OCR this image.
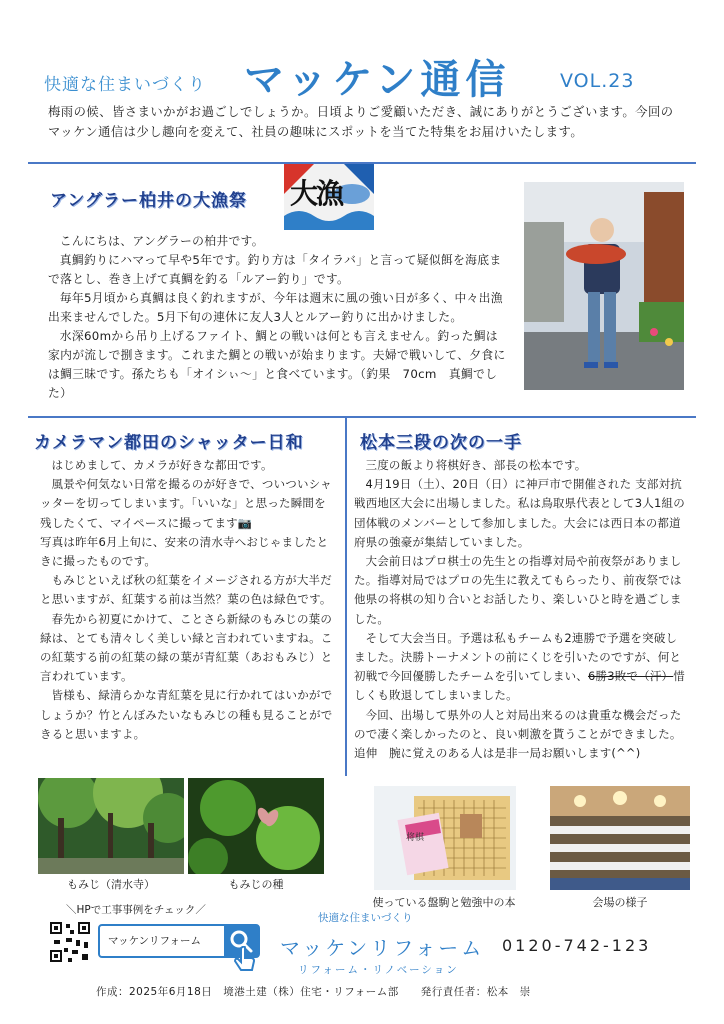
快適な住まいづくり マッケン通信	VOL.23
梅雨の候、皆さまいかがお過ごしでしょうか。日頃よりご愛顧いただき、誠にありがとうございます。今回のマッケン通信は少し趣向を変えて、社員の趣味にスポットを当てた特集をお届けいたします。
アングラー柏井の大漁祭 大漁

こんにちは、アングラーの柏井です。

真鯛釣りにハマって早や5年です。釣り方は「タイラバ」と言って疑似餌を海底まで落とし、巻き上げて真鯛を釣る「ルアー釣り」です。

毎年5月頃から真鯛は良く釣れますが、今年は週末に風の強い日が多く、中々出漁出来ませんでした。5月下旬の連休に友人3人とルアー釣りに出かけました。

水深60mから吊り上げるファイト、鯛との戦いは何とも言えません。釣った鯛は家内が流しで捌きます。これまた鯛との戦いが始まります。夫婦で戦いして、夕食には鯛三昧です。孫たちも「オイシぃ〜」と食べています。（釣果　70cm　真鯛でした）

カメラマン都田のシャッター日和

はじめまして、カメラが好きな都田です。

風景や何気ない日常を撮るのが好きで、ついついシャッターを切ってしまいます。「いいな」と思った瞬間を残したくて、マイペースに撮ってます📷

写真は昨年6月上旬に、安来の清水寺へおじゃましたときに撮ったものです。

もみじといえば秋の紅葉をイメージされる方が大半だと思いますが、紅葉する前は当然？葉の色は緑色です。

春先から初夏にかけて、ことさら新緑のもみじの葉の緑は、とても清々しく美しい緑と言われていますね。この紅葉する前の紅葉の緑の葉が青紅葉（あおもみじ）と言われています。

皆様も、緑清らかな青紅葉を見に行かれてはいかがでしょうか？竹とんぼみたいなもみじの種も見ることができると思いますよ。

もみじ（清水寺）	もみじの種
松本三段の次の一手

三度の飯より将棋好き、部長の松本です。

4月19日（土）、20日（日）に神戸市で開催された 支部対抗戦西地区大会に出場しました。私は鳥取県代表として3人1組の団体戦のメンバーとして参加しました。大会には西日本の都道府県の強豪が集結していました。

大会前日はプロ棋士の先生との指導対局や前夜祭がありました。指導対局ではプロの先生に教えてもらったり、前夜祭では他県の将棋の知り合いとお話したり、楽しいひと時を過ごしました。

そして大会当日。予選は私もチームも2連勝で予選を突破しました。決勝トーナメントの前にくじを引いたのですが、何と初戦で今回優勝したチームを引いてしまい、6勝3敗で（汗）惜しくも敗退してしまいました。

今回、出場して県外の人と対局出来るのは貴重な機会だったので凄く楽しかったのと、良い刺激を貰うことができました。

追伸　腕に覚えのある人は是非一局お願いします(^^)

将棋
使っている盤駒と勉強中の本	会場の様子
＼HPで工事事例をチェック／
マッケンリフォーム
快適な住まいづくり
マッケンリフォーム 0120-742-123
リフォーム・リノベーション
作成：2025年6月18日　境港土建（株）住宅・リフォーム部　　発行責任者：松本　崇
